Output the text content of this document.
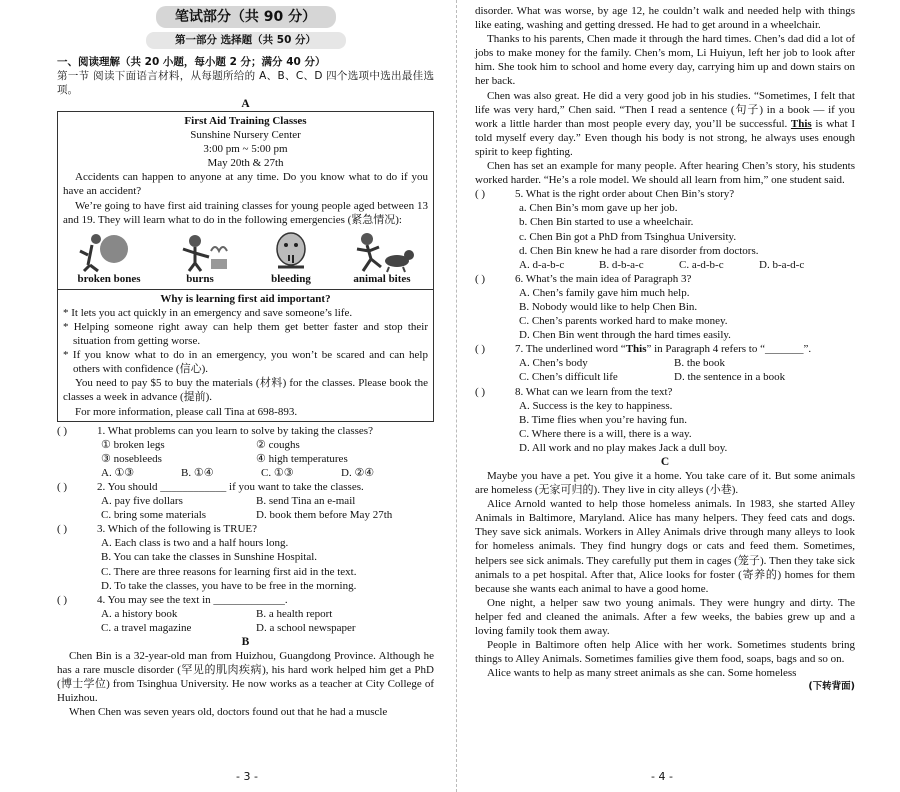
笔试部分（共 90 分）
第一部分 选择题（共 50 分）

一、阅读理解（共 20 小题，每小题 2 分；满分 40 分）

第一节 阅读下面语言材料，从每题所给的 A、B、C、D 四个选项中选出最佳选项。

A
First Aid Training Classes
Sunshine Nursery Center
3:00 pm ~ 5:00 pm
May 20th & 27th

Accidents can happen to anyone at any time. Do you know what to do if you have an accident?

We’re going to have first aid training classes for young people aged between 13 and 19. They will learn what to do in the following emergencies (紧急情况):

broken bones	burns	bleeding	animal bites
Why is learning first aid important?

* It lets you act quickly in an emergency and save someone’s life.

* Helping someone right away can help them get better faster and stop their situation from getting worse.

* If you know what to do in an emergency, you won’t be scared and can help others with confidence (信心).

You need to pay $5 to buy the materials (材料) for the classes. Please book the classes a week in advance (提前).

For more information, please call Tina at 698-893.

( )	1. What problems can you learn to solve by taking the classes?
① broken legs	② coughs
③ nosebleeds	④ high temperatures
A. ①③	B. ①④	C. ①③	D. ②④
( )	2. You should ____________ if you want to take the classes.
A. pay five dollars	B. send Tina an e-mail
C. bring some materials	D. book them before May 27th
( )	3. Which of the following is TRUE?
A. Each class is two and a half hours long.
B. You can take the classes in Sunshine Hospital.
C. There are three reasons for learning first aid in the text.
D. To take the classes, you have to be free in the morning.
( )	4. You may see the text in _____________.
A. a history book	B. a health report
C. a travel magazine	D. a school newspaper
B

Chen Bin is a 32-year-old man from Huizhou, Guangdong Province. Although he has a rare muscle disorder (罕见的肌肉疾病), his hard work helped him get a PhD (博士学位) from Tsinghua University. He now works as a teacher at City College of Huizhou.

When Chen was seven years old, doctors found out that he had a muscle

- 3 -

disorder. What was worse, by age 12, he couldn’t walk and needed help with things like eating, washing and getting dressed. He had to get around in a wheelchair.

Thanks to his parents, Chen made it through the hard times. Chen’s dad did a lot of jobs to make money for the family. Chen’s mom, Li Huiyun, left her job to look after him. She took him to school and home every day, carrying him up and down stairs on her back.

Chen was also great. He did a very good job in his studies. “Sometimes, I felt that life was very hard,” Chen said. “Then I read a sentence (句子) in a book — if you work a little harder than most people every day, you’ll be successful. This is what I told myself every day.” Even though his body is not strong, he always uses enough spirit to keep fighting.

Chen has set an example for many people. After hearing Chen’s story, his students worked harder. “He’s a role model. We should all learn from him,” one student said.

( )	5. What is the right order about Chen Bin’s story?
a. Chen Bin’s mom gave up her job.
b. Chen Bin started to use a wheelchair.
c. Chen Bin got a PhD from Tsinghua University.
d. Chen Bin knew he had a rare disorder from doctors.
A. d-a-b-c	B. d-b-a-c	C. a-d-b-c	D. b-a-d-c
( )	6. What’s the main idea of Paragraph 3?
A. Chen’s family gave him much help.
B. Nobody would like to help Chen Bin.
C. Chen’s parents worked hard to make money.
D. Chen Bin went through the hard times easily.
( )	7. The underlined word “This” in Paragraph 4 refers to “_______”.
A. Chen’s body	B. the book
C. Chen’s difficult life	D. the sentence in a book
( )	8. What can we learn from the text?
A. Success is the key to happiness.
B. Time flies when you’re having fun.
C. Where there is a will, there is a way.
D. All work and no play makes Jack a dull boy.
C

Maybe you have a pet. You give it a home. You take care of it. But some animals are homeless (无家可归的). They live in city alleys (小巷).

Alice Arnold wanted to help those homeless animals. In 1983, she started Alley Animals in Baltimore, Maryland. Alice has many helpers. They feed cats and dogs. They save sick animals. Workers in Alley Animals drive through many alleys to look for homeless animals. They find hungry dogs or cats and feed them. Sometimes, helpers see sick animals. They carefully put them in cages (笼子). Then they take sick animals to a pet hospital. After that, Alice looks for foster (寄养的) homes for them because she wants each animal to have a good home.

One night, a helper saw two young animals. They were hungry and dirty. The helper fed and cleaned the animals. After a few weeks, the babies grew up and a loving family took them away.

People in Baltimore often help Alice with her work. Sometimes students bring things to Alley Animals. Sometimes families give them food, soaps, bags and so on.

Alice wants to help as many street animals as she can. Some homeless

(下转背面)
- 4 -
